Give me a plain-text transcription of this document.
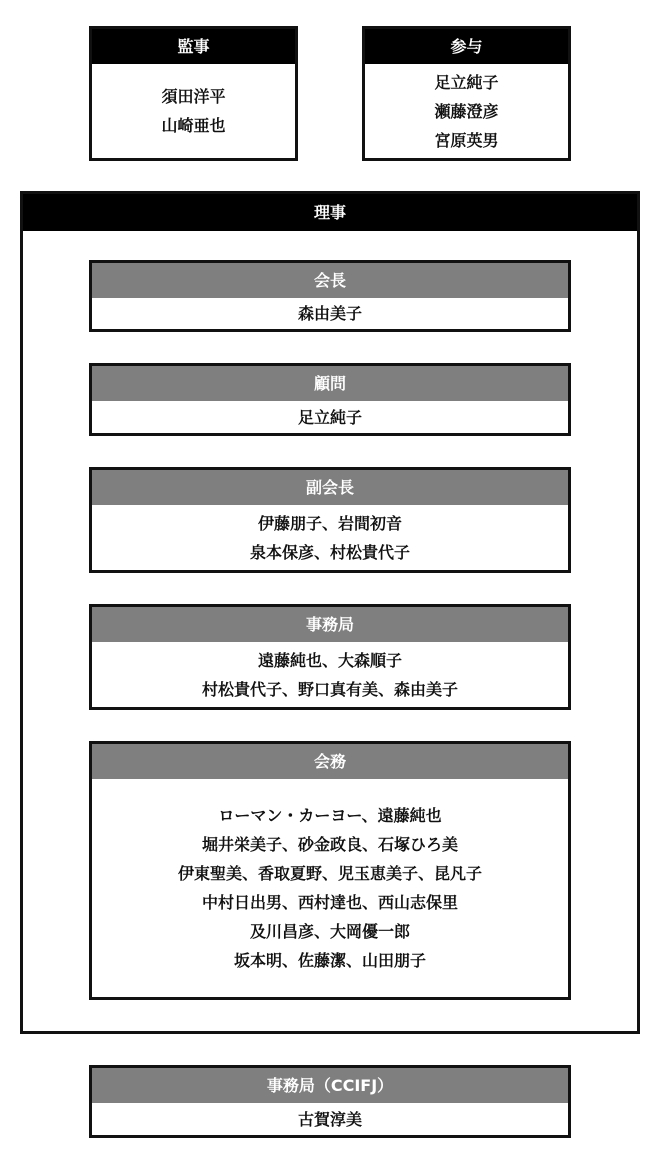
監事
須田洋平
山崎亜也
参与
足立純子
瀬藤澄彦
宮原英男
理事
会長
森由美子
顧問
足立純子
副会長
伊藤朋子、岩間初音
泉本保彦、村松貴代子
事務局
遠藤純也、大森順子
村松貴代子、野口真有美、森由美子
会務
ローマン・カーヨー、遠藤純也
堀井栄美子、砂金政良、石塚ひろ美
伊東聖美、香取夏野、児玉恵美子、昆凡子
中村日出男、西村達也、西山志保里
及川昌彦、大岡優一郎
坂本明、佐藤潔、山田朋子
事務局（CCIFJ）
古賀淳美
